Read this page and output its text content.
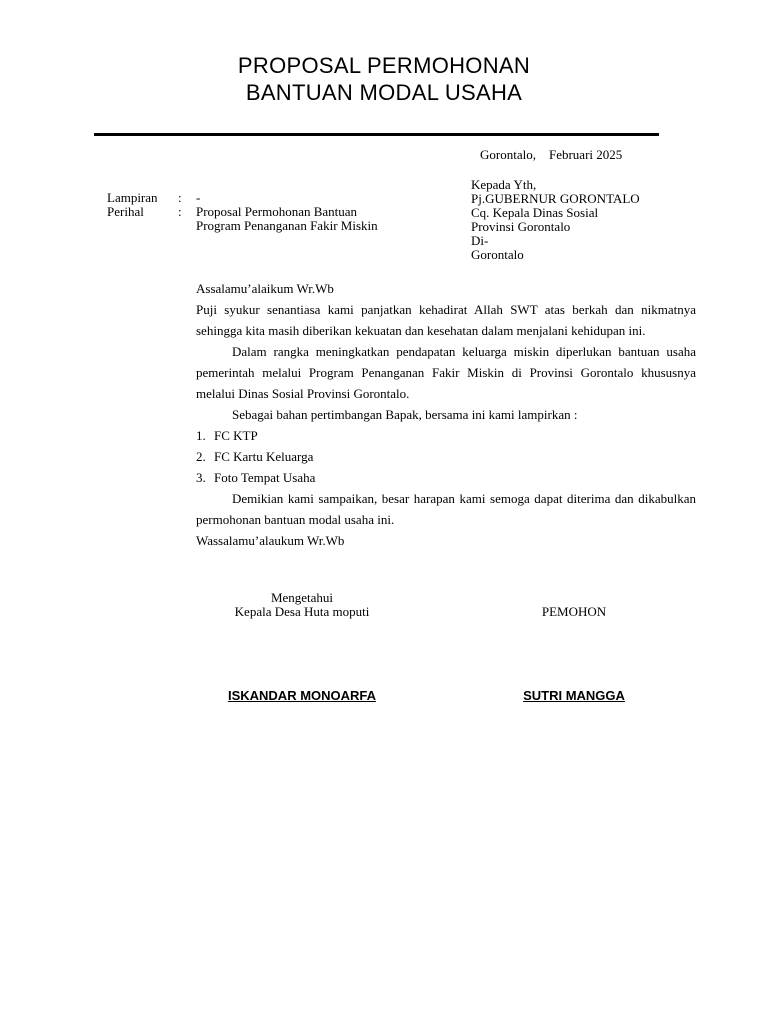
PROPOSAL PERMOHONAN
BANTUAN MODAL USAHA
Gorontalo, Februari 2025
Kepada Yth,
Pj.GUBERNUR GORONTALO
Cq. Kepala Dinas Sosial
Provinsi Gorontalo
Di-
Gorontalo
Lampiran
Perihal
:
:
-
Proposal Permohonan Bantuan
Program Penanganan Fakir Miskin

Assalamu’alaikum Wr.Wb

Puji syukur senantiasa kami panjatkan kehadirat Allah SWT atas berkah dan nikmatnya sehingga kita masih diberikan kekuatan dan kesehatan dalam menjalani kehidupan ini.

Dalam rangka meningkatkan pendapatan keluarga miskin diperlukan bantuan usaha pemerintah melalui Program Penanganan Fakir Miskin di Provinsi Gorontalo khususnya melalui Dinas Sosial Provinsi Gorontalo.

Sebagai bahan pertimbangan Bapak, bersama ini kami lampirkan :

1. FC KTP

2. FC Kartu Keluarga

3. Foto Tempat Usaha

Demikian kami sampaikan, besar harapan kami semoga dapat diterima dan dikabulkan permohonan bantuan modal usaha ini.

Wassalamu’alaukum Wr.Wb

Mengetahui
Kepala Desa Huta moputi	PEMOHON
ISKANDAR MONOARFA	SUTRI MANGGA
